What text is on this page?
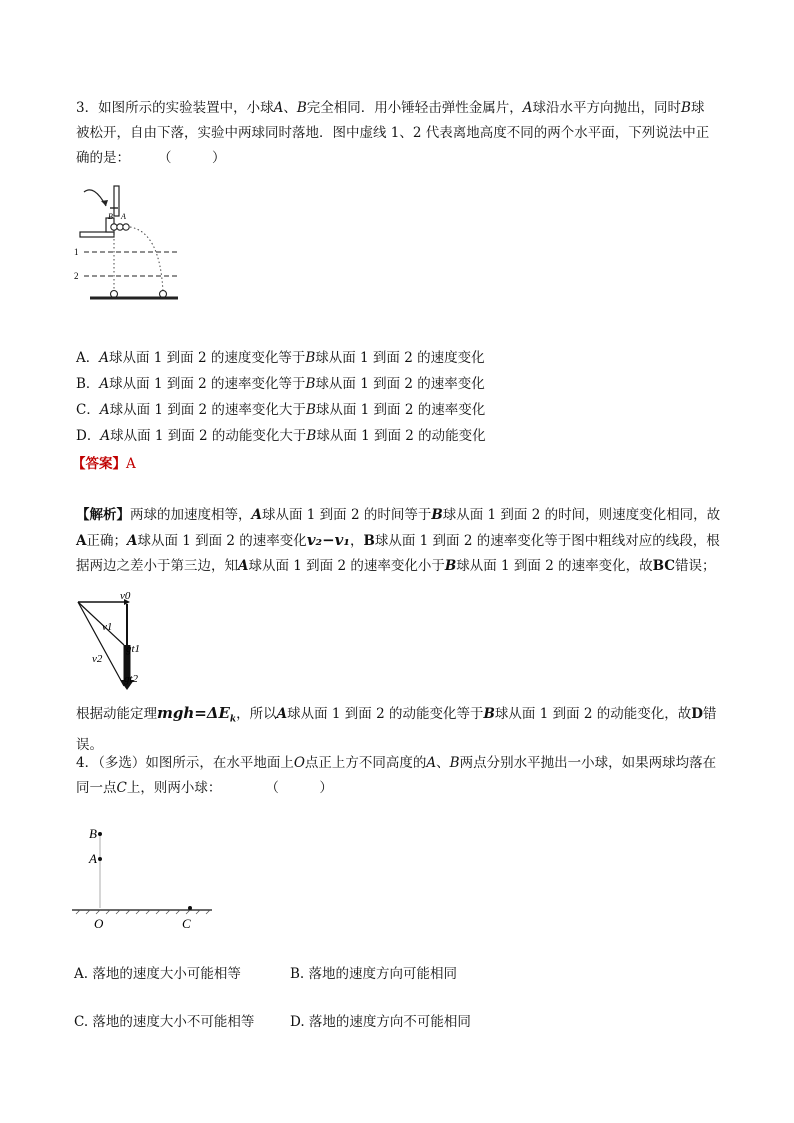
3．如图所示的实验装置中，小球A、B完全相同．用小锤轻击弹性金属片，A球沿水平方向抛出，同时B球被松开，自由下落，实验中两球同时落地．图中虚线 1、2 代表离地高度不同的两个水平面，下列说法中正确的是： （　　　）
B A
1
2
A．A球从面 1 到面 2 的速度变化等于B球从面 1 到面 2 的速度变化
B．A球从面 1 到面 2 的速率变化等于B球从面 1 到面 2 的速率变化
C．A球从面 1 到面 2 的速率变化大于B球从面 1 到面 2 的速率变化
D．A球从面 1 到面 2 的动能变化大于B球从面 1 到面 2 的动能变化
【答案】A
【解析】两球的加速度相等，A球从面 1 到面 2 的时间等于B球从面 1 到面 2 的时间，则速度变化相同，故A正确；A球从面 1 到面 2 的速率变化v₂−v₁，B球从面 1 到面 2 的速率变化等于图中粗线对应的线段，根据两边之差小于第三边，知A球从面 1 到面 2 的速率变化小于B球从面 1 到面 2 的速率变化，故BC错误；
v0
v1
v2
gt1
gt2
根据动能定理$mgh=\Delta E_k$，所以A球从面 1 到面 2 的动能变化等于B球从面 1 到面 2 的动能变化，故D错误。
4．（多选）如图所示，在水平地面上O点正上方不同高度的A、B两点分别水平抛出一小球，如果两球均落在同一点C上，则两小球：	（　　　）
B
A
O	C
A. 落地的速度大小可能相等	B. 落地的速度方向可能相同
C. 落地的速度大小不可能相等	D. 落地的速度方向不可能相同
